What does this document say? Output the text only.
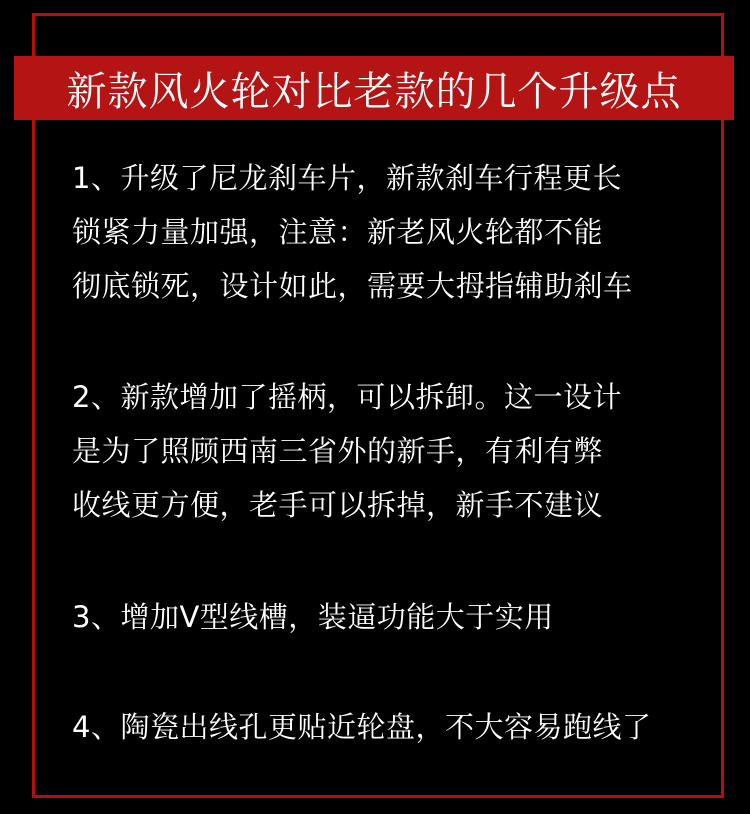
新款风火轮对比老款的几个升级点
1、升级了尼龙刹车片，新款刹车行程更长
锁紧力量加强，注意：新老风火轮都不能
彻底锁死，设计如此，需要大拇指辅助刹车
2、新款增加了摇柄，可以拆卸。这一设计
是为了照顾西南三省外的新手，有利有弊
收线更方便，老手可以拆掉，新手不建议
3、增加V型线槽，装逼功能大于实用
4、陶瓷出线孔更贴近轮盘，不大容易跑线了
